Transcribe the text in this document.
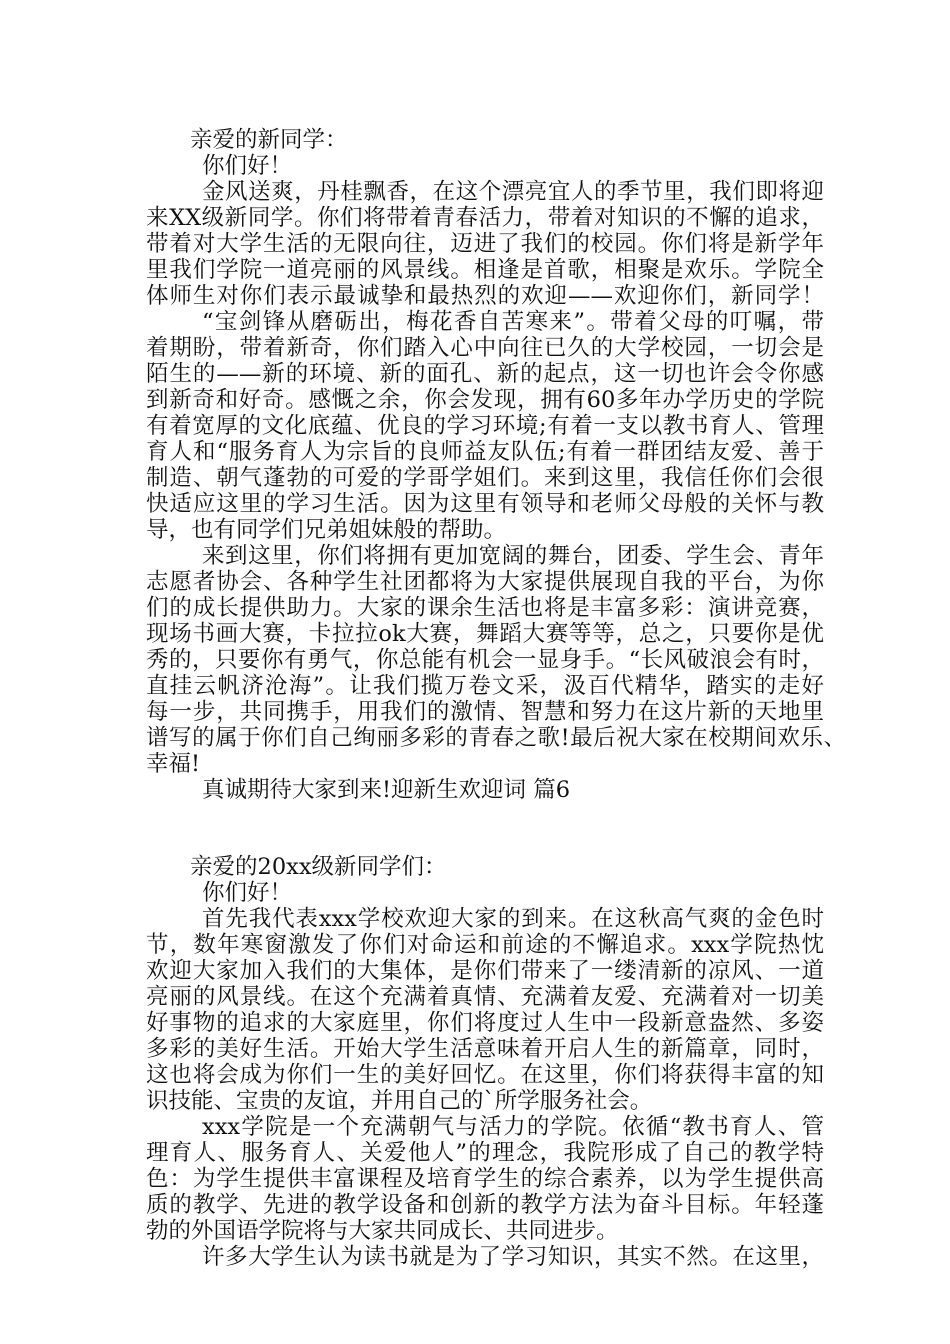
亲爱的新同学：
你们好！
金风送爽，丹桂飘香，在这个漂亮宜人的季节里，我们即将迎
来XX级新同学。你们将带着青春活力，带着对知识的不懈的追求，
带着对大学生活的无限向往，迈进了我们的校园。你们将是新学年
里我们学院一道亮丽的风景线。相逢是首歌，相聚是欢乐。学院全
体师生对你们表示最诚挚和最热烈的欢迎——欢迎你们，新同学！
“宝剑锋从磨砺出，梅花香自苦寒来”。带着父母的叮嘱，带
着期盼，带着新奇，你们踏入心中向往已久的大学校园，一切会是
陌生的——新的环境、新的面孔、新的起点，这一切也许会令你感
到新奇和好奇。感慨之余，你会发现，拥有60多年办学历史的学院
有着宽厚的文化底蕴、优良的学习环境;有着一支以教书育人、管理
育人和“服务育人为宗旨的良师益友队伍;有着一群团结友爱、善于
制造、朝气蓬勃的可爱的学哥学姐们。来到这里，我信任你们会很
快适应这里的学习生活。因为这里有领导和老师父母般的关怀与教
导，也有同学们兄弟姐妹般的帮助。
来到这里，你们将拥有更加宽阔的舞台，团委、学生会、青年
志愿者协会、各种学生社团都将为大家提供展现自我的平台，为你
们的成长提供助力。大家的课余生活也将是丰富多彩：演讲竞赛，
现场书画大赛，卡拉拉ok大赛，舞蹈大赛等等，总之，只要你是优
秀的，只要你有勇气，你总能有机会一显身手。“长风破浪会有时，
直挂云帆济沧海”。让我们揽万卷文采，汲百代精华，踏实的走好
每一步，共同携手，用我们的激情、智慧和努力在这片新的天地里
谱写的属于你们自己绚丽多彩的青春之歌!最后祝大家在校期间欢乐、
幸福!
真诚期待大家到来!迎新生欢迎词 篇6
亲爱的20xx级新同学们：
你们好！
首先我代表xxx学校欢迎大家的到来。在这秋高气爽的金色时
节，数年寒窗激发了你们对命运和前途的不懈追求。xxx学院热忱
欢迎大家加入我们的大集体，是你们带来了一缕清新的凉风、一道
亮丽的风景线。在这个充满着真情、充满着友爱、充满着对一切美
好事物的追求的大家庭里，你们将度过人生中一段新意盎然、多姿
多彩的美好生活。开始大学生活意味着开启人生的新篇章，同时，
这也将会成为你们一生的美好回忆。在这里，你们将获得丰富的知
识技能、宝贵的友谊，并用自己的`所学服务社会。
xxx学院是一个充满朝气与活力的学院。依循“教书育人、管
理育人、服务育人、关爱他人”的理念，我院形成了自己的教学特
色：为学生提供丰富课程及培育学生的综合素养，以为学生提供高
质的教学、先进的教学设备和创新的教学方法为奋斗目标。年轻蓬
勃的外国语学院将与大家共同成长、共同进步。
许多大学生认为读书就是为了学习知识，其实不然。在这里，
